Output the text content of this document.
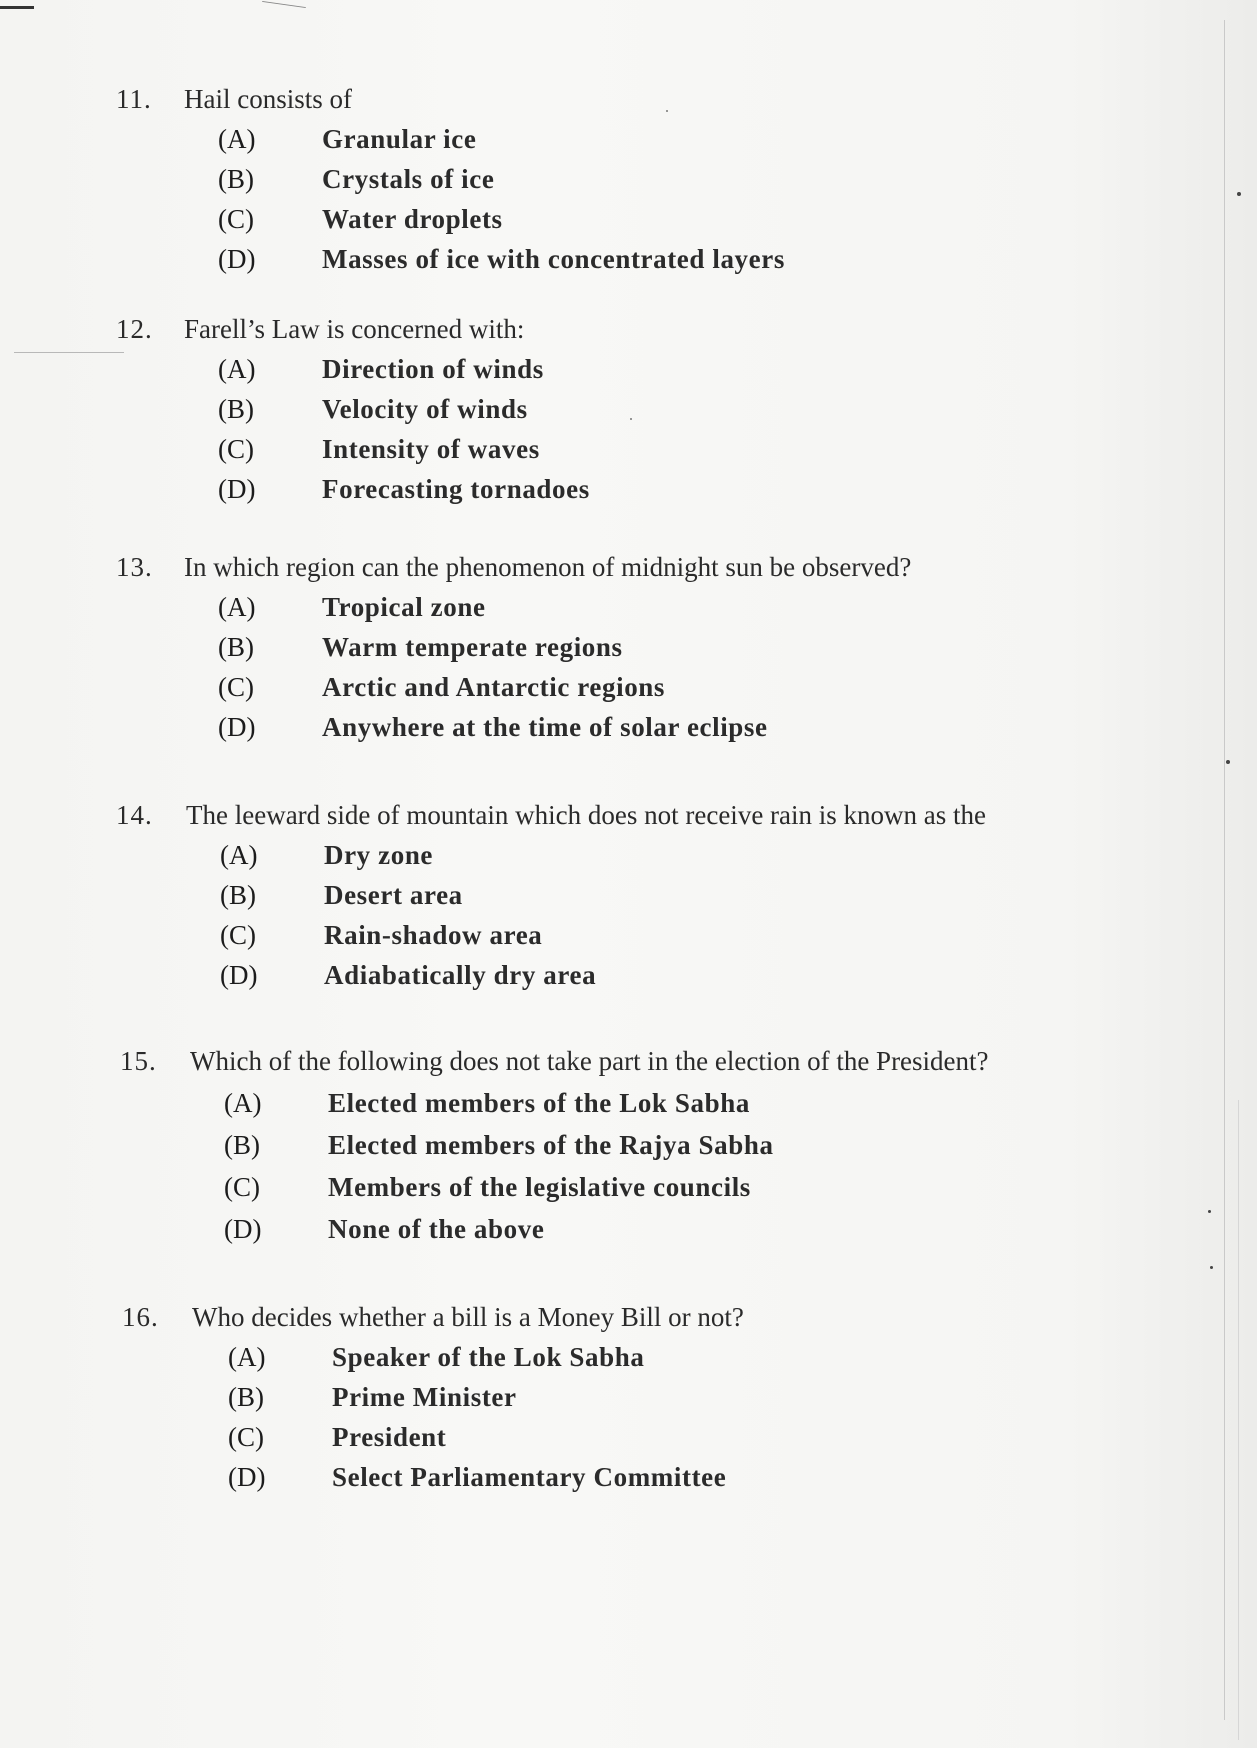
11. Hail consists of
(A) Granular ice
(B)	Crystals of ice
(C)	Water droplets
(D) Masses of ice with concentrated layers
12. Farell’s Law is concerned with:
(A) Direction of winds
(B)	Velocity of winds
(C)	Intensity of waves
(D) Forecasting tornadoes
13. In which region can the phenomenon of midnight sun be observed?
(A) Tropical zone
(B)	Warm temperate regions
(C)	Arctic and Antarctic regions
(D) Anywhere at the time of solar eclipse
14. The leeward side of mountain which does not receive rain is known as the
(A) Dry zone
(B)	Desert area
(C)	Rain-shadow area
(D) Adiabatically dry area
15. Which of the following does not take part in the election of the President?
(A) Elected members of the Lok Sabha
(B)	Elected members of the Rajya Sabha
(C)	Members of the legislative councils
(D) None of the above
16. Who decides whether a bill is a Money Bill or not?
(A) Speaker of the Lok Sabha
(B)	Prime Minister
(C)	President
(D) Select Parliamentary Committee
